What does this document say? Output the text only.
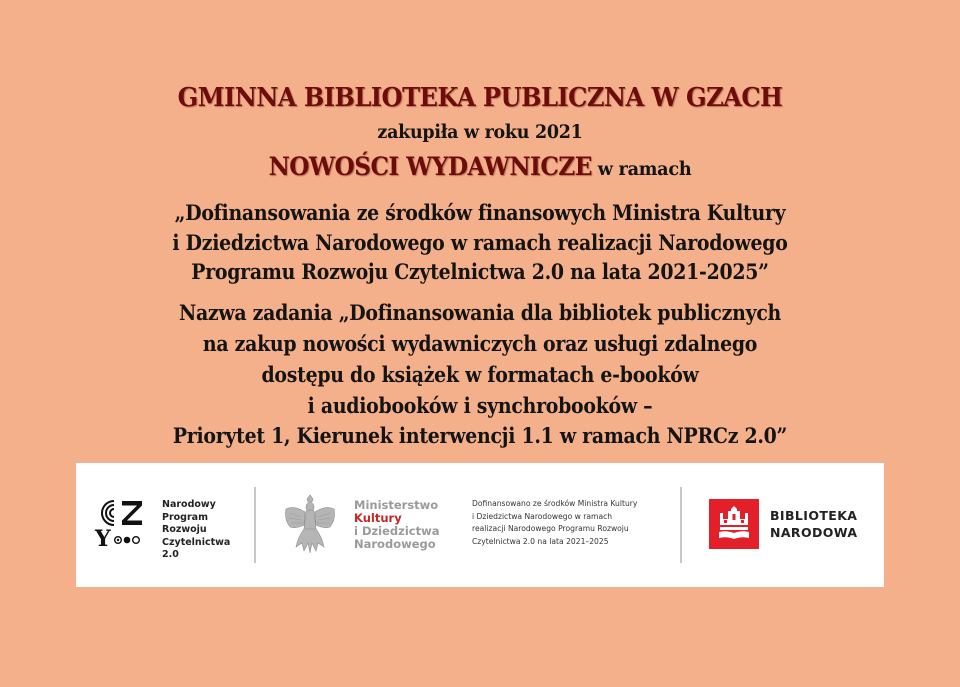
GMINNA BIBLIOTEKA PUBLICZNA W GZACH
zakupiła w roku 2021
NOWOŚCI WYDAWNICZE w ramach
„Dofinansowania ze środków finansowych Ministra Kultury
i Dziedzictwa Narodowego w ramach realizacji Narodowego
Programu Rozwoju Czytelnictwa 2.0 na lata 2021-2025”
Nazwa zadania „Dofinansowania dla bibliotek publicznych
na zakup nowości wydawniczych oraz usługi zdalnego
dostępu do książek w formatach e-booków
i audiobooków i synchrobooków –
Priorytet 1, Kierunek interwencji 1.1 w ramach NPRCz 2.0”
Y
Narodowy
Program
Rozwoju
Czytelnictwa
2.0
Ministerstwo
Kultury
i Dziedzictwa
Narodowego
Dofinansowano ze środków Ministra Kultury
i Dziedzictwa Narodowego w ramach
realizacji Narodowego Programu Rozwoju
Czytelnictwa 2.0 na lata 2021–2025
BIBLIOTEKA
NARODOWA
